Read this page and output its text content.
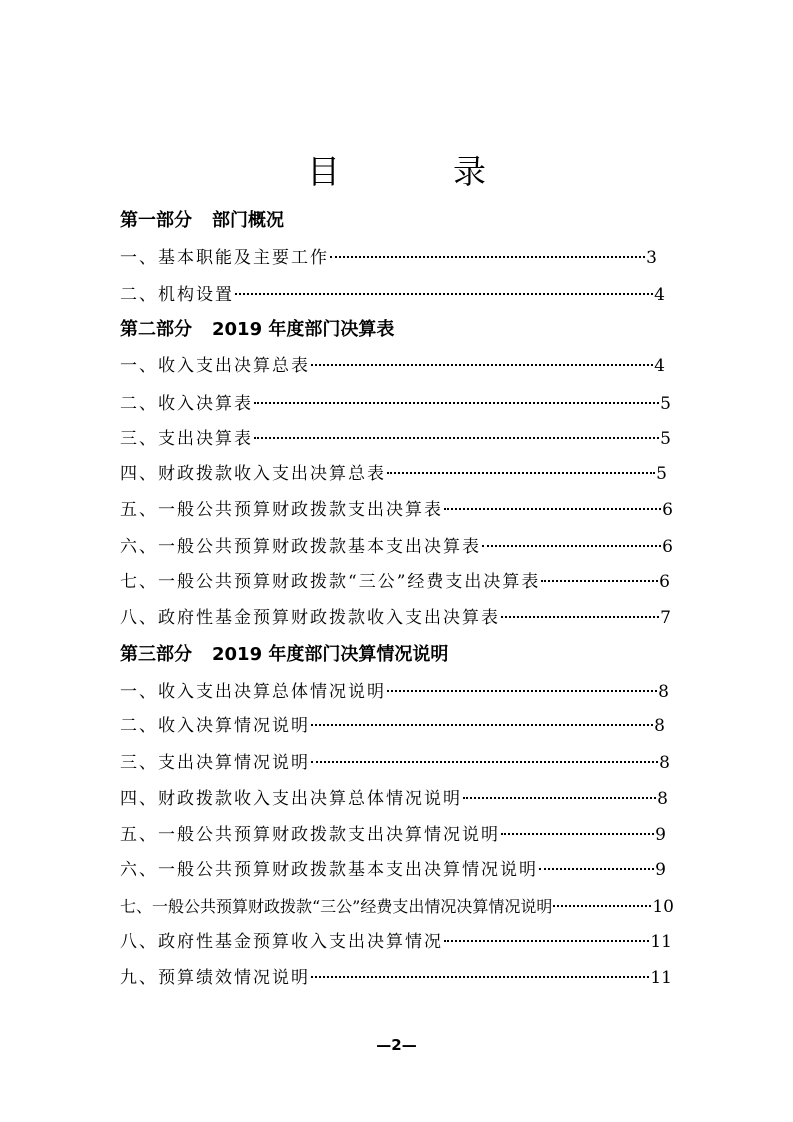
目　录
第一部分 部门概况
一、基本职能及主要工作	3
二、机构设置	4
第二部分 2019 年度部门决算表
一、收入支出决算总表	4
二、收入决算表	5
三、支出决算表	5
四、财政拨款收入支出决算总表	5
五、一般公共预算财政拨款支出决算表	6
六、一般公共预算财政拨款基本支出决算表	6
七、一般公共预算财政拨款“三公”经费支出决算表	6
八、政府性基金预算财政拨款收入支出决算表	7
第三部分 2019 年度部门决算情况说明
一、收入支出决算总体情况说明	8
二、收入决算情况说明	8
三、支出决算情况说明	8
四、财政拨款收入支出决算总体情况说明	8
五、一般公共预算财政拨款支出决算情况说明	9
六、一般公共预算财政拨款基本支出决算情况说明	9
七、一般公共预算财政拨款“三公”经费支出情况决算情况说明	10
八、政府性基金预算收入支出决算情况	11
九、预算绩效情况说明	11
—2—
